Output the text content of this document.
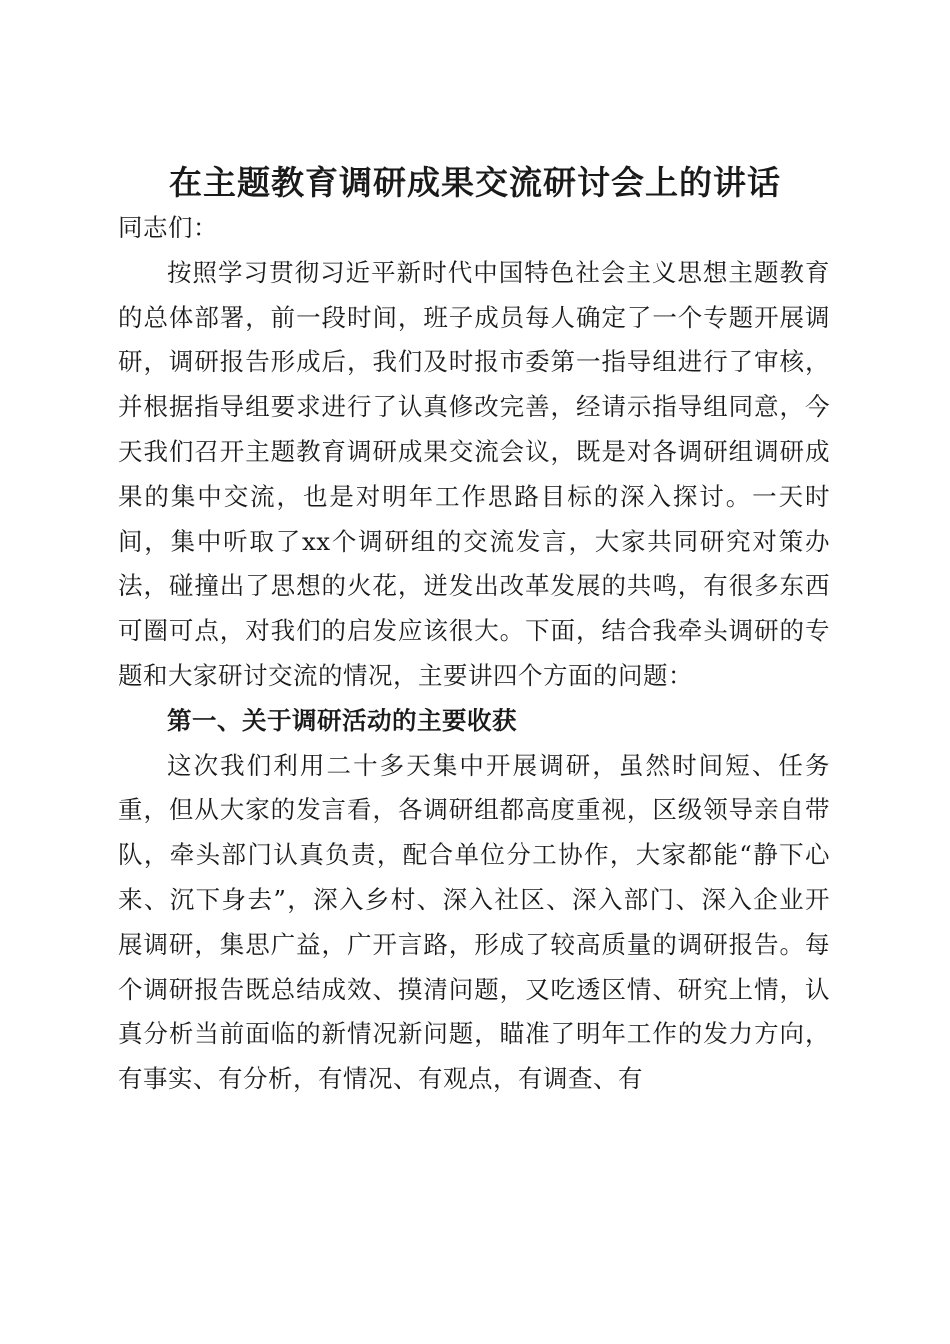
在主题教育调研成果交流研讨会上的讲话

同志们：

按照学习贯彻习近平新时代中国特色社会主义思想主题教育的总体部署，前一段时间，班子成员每人确定了一个专题开展调研，调研报告形成后，我们及时报市委第一指导组进行了审核，并根据指导组要求进行了认真修改完善，经请示指导组同意，今天我们召开主题教育调研成果交流会议，既是对各调研组调研成果的集中交流，也是对明年工作思路目标的深入探讨。一天时间，集中听取了xx个调研组的交流发言，大家共同研究对策办法，碰撞出了思想的火花，迸发出改革发展的共鸣，有很多东西可圈可点，对我们的启发应该很大。下面，结合我牵头调研的专题和大家研讨交流的情况，主要讲四个方面的问题：

第一、关于调研活动的主要收获

这次我们利用二十多天集中开展调研，虽然时间短、任务重，但从大家的发言看，各调研组都高度重视，区级领导亲自带队，牵头部门认真负责，配合单位分工协作，大家都能“静下心来、沉下身去”，深入乡村、深入社区、深入部门、深入企业开展调研，集思广益，广开言路，形成了较高质量的调研报告。每个调研报告既总结成效、摸清问题，又吃透区情、研究上情，认真分析当前面临的新情况新问题，瞄准了明年工作的发力方向，有事实、有分析，有情况、有观点，有调查、有
